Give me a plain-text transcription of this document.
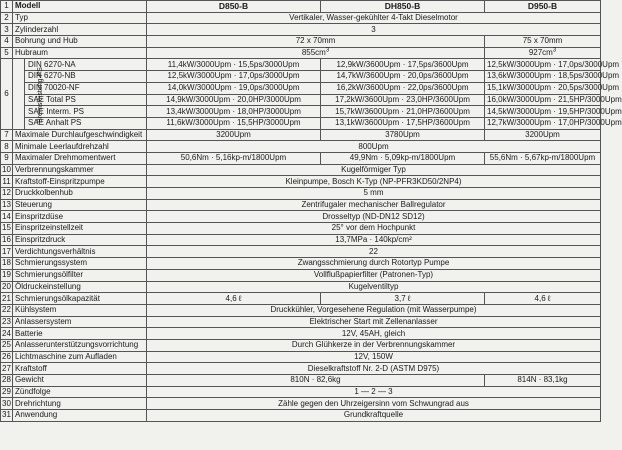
1	Modell		D850-B	DH850-B	D950-B
2	Typ		Vertikaler, Wasser-gekühlter 4-Takt Dieselmotor		
3	Zylinderzahl		3		
4	Bohrung und Hub		72 x 70mm		75 x 70mm
5	Hubraum		$855cm^3$		$927cm^3$
6	Bremsleistung PS	DIN 6270-NA	11,4kW/3000Upm · 15,5ps/3000Upm	12,9kW/3600Upm · 17,5ps/3600Upm	12,5kW/3000Upm · 17,0ps/3000Upm
		DIN 6270-NB	12,5kW/3000Upm · 17,0ps/3000Upm	14,7kW/3600Upm · 20,0ps/3600Upm	13,6kW/3000Upm · 18,5ps/3000Upm
		DIN 70020-NF	14,0kW/3000Upm · 19,0ps/3000Upm	16,2kW/3600Upm · 22,0ps/3600Upm	15,1kW/3000Upm · 20,5ps/3000Upm
		SAE Total PS	14,9kW/3000Upm · 20,0HP/3000Upm	17,2kW/3600Upm · 23,0HP/3600Upm	16,0kW/3000Upm · 21,5HP/3000Upm
		SAE Interm. PS	13,4kW/3000Upm · 18,0HP/3000Upm	15,7kW/3600Upm · 21,0HP/3600Upm	14,5kW/3000Upm · 19,5HP/3000Upm
		SAE Anhalt PS	11,6kW/3000Upm · 15,5HP/3000Upm	13,1kW/3600Upm · 17,5HP/3600Upm	12,7kW/3000Upm · 17,0HP/3000Upm
7	Maximale Durchlaufgeschwindigkeit		3200Upm	3780Upm	3200Upm
8	Minimale Leerlaufdrehzahl		800Upm		
9	Maximaler Drehmomentwert		50,6Nm · 5,16kp-m/1800Upm	49,9Nm · 5,09kp-m/1800Upm	55,6Nm · 5,67kp-m/1800Upm
10	Verbrennungskammer		Kugelförmiger Typ		
11	Kraftstoff-Einspritzpumpe		Kleinpumpe, Bosch K-Typ (NP-PFR3KD50/2NP4)		
12	Druckkolbenhub		5 mm		
13	Steuerung		Zentrifugaler mechanischer Ballregulator		
14	Einspritzdüse		Drosseltyp (ND-DN12 SD12)		
15	Einspritzeinstellzeit		25° vor dem Hochpunkt		
16	Einspritzdruck		13,7MPa · 140kp/cm²		
17	Verdichtungsverhältnis		22		
18	Schmierungssystem		Zwangsschmierung durch Rotortyp Pumpe		
19	Schmierungsölfilter		Vollflußpapierfilter (Patronen-Typ)		
20	Öldruckeinstellung		Kugelventiltyp		
21	Schmierungsölkapazität		4,6 ℓ	3,7 ℓ	4,6 ℓ
22	Kühlsystem		Druckkühler, Vorgesehene Regulation (mit Wasserpumpe)		
23	Anlassersystem		Elektrischer Start mit Zellenanlasser		
24	Batterie		12V, 45AH, gleich		
25	Anlasserunterstützungsvorrichtung		Durch Glühkerze in der Verbrennungskammer		
26	Lichtmaschine zum Aufladen		12V, 150W		
27	Kraftstoff		Dieselkraftstoff Nr. 2-D (ASTM D975)		
28	Gewicht		810N · 82,6kg		814N · 83,1kg
29	Zündfolge		1 — 2 — 3		
30	Drehrichtung		Zähle gegen den Uhrzeigersinn vom Schwungrad aus		
31	Anwendung		Grundkraftquelle		
